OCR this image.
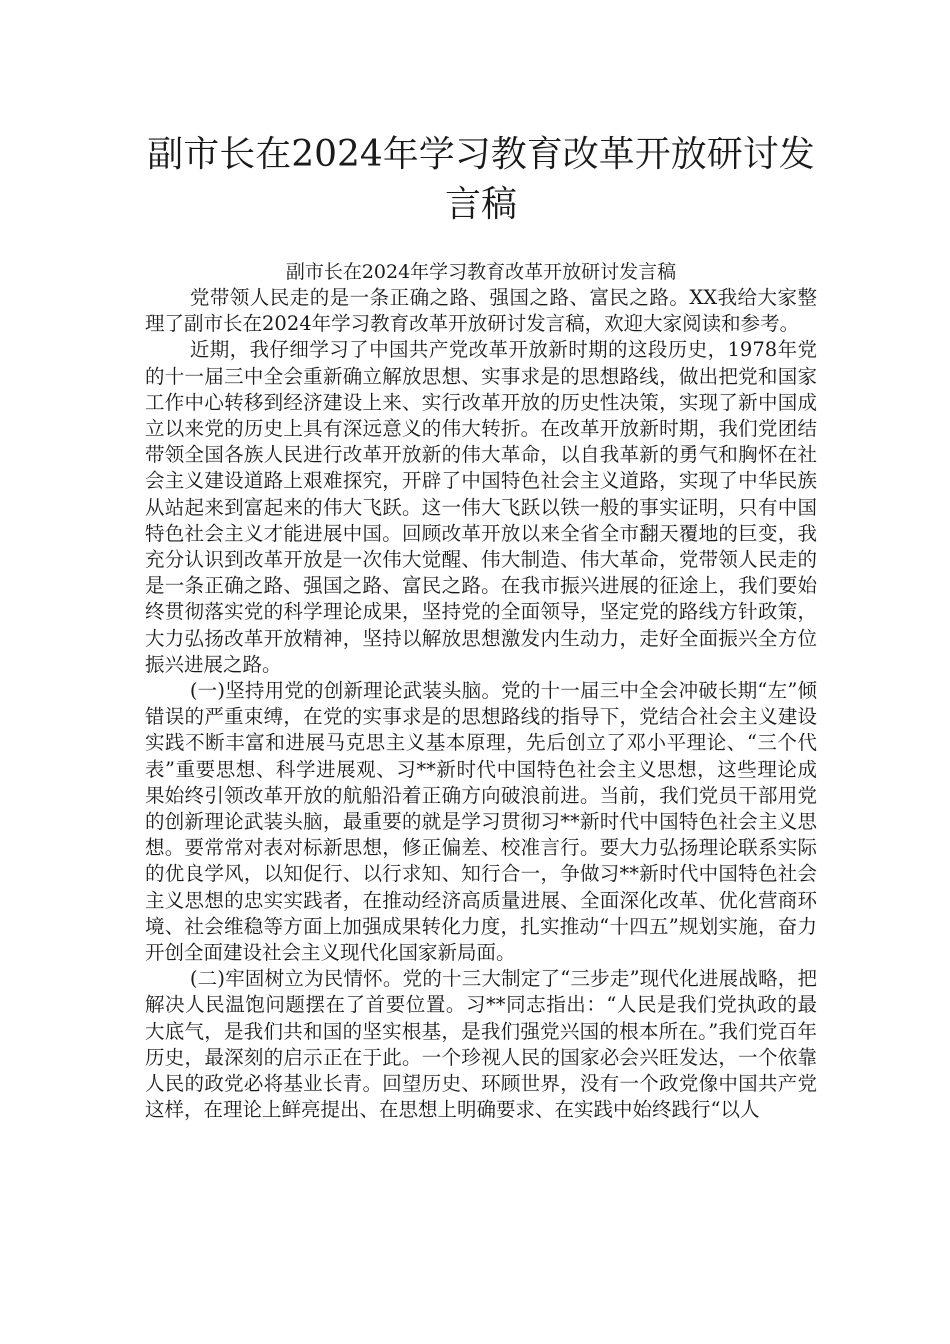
副市长在2024年学习教育改革开放研讨发言稿

副市长在2024年学习教育改革开放研讨发言稿

党带领人民走的是一条正确之路、强国之路、富民之路。XX我给大家整理了副市长在2024年学习教育改革开放研讨发言稿，欢迎大家阅读和参考。

近期，我仔细学习了中国共产党改革开放新时期的这段历史，1978年党的十一届三中全会重新确立解放思想、实事求是的思想路线，做出把党和国家工作中心转移到经济建设上来、实行改革开放的历史性决策，实现了新中国成立以来党的历史上具有深远意义的伟大转折。在改革开放新时期，我们党团结带领全国各族人民进行改革开放新的伟大革命，以自我革新的勇气和胸怀在社会主义建设道路上艰难探究，开辟了中国特色社会主义道路，实现了中华民族从站起来到富起来的伟大飞跃。这一伟大飞跃以铁一般的事实证明，只有中国特色社会主义才能进展中国。回顾改革开放以来全省全市翻天覆地的巨变，我充分认识到改革开放是一次伟大觉醒、伟大制造、伟大革命，党带领人民走的是一条正确之路、强国之路、富民之路。在我市振兴进展的征途上，我们要始终贯彻落实党的科学理论成果，坚持党的全面领导，坚定党的路线方针政策，大力弘扬改革开放精神，坚持以解放思想激发内生动力，走好全面振兴全方位振兴进展之路。

(一)坚持用党的创新理论武装头脑。党的十一届三中全会冲破长期“左”倾错误的严重束缚，在党的实事求是的思想路线的指导下，党结合社会主义建设实践不断丰富和进展马克思主义基本原理，先后创立了邓小平理论、“三个代表”重要思想、科学进展观、习**新时代中国特色社会主义思想，这些理论成果始终引领改革开放的航船沿着正确方向破浪前进。当前，我们党员干部用党的创新理论武装头脑，最重要的就是学习贯彻习**新时代中国特色社会主义思想。要常常对表对标新思想，修正偏差、校准言行。要大力弘扬理论联系实际的优良学风，以知促行、以行求知、知行合一，争做习**新时代中国特色社会主义思想的忠实实践者，在推动经济高质量进展、全面深化改革、优化营商环境、社会维稳等方面上加强成果转化力度，扎实推动“十四五”规划实施，奋力开创全面建设社会主义现代化国家新局面。

(二)牢固树立为民情怀。党的十三大制定了“三步走”现代化进展战略，把解决人民温饱问题摆在了首要位置。习**同志指出：“人民是我们党执政的最大底气，是我们共和国的坚实根基，是我们强党兴国的根本所在。”我们党百年历史，最深刻的启示正在于此。一个珍视人民的国家必会兴旺发达，一个依靠人民的政党必将基业长青。回望历史、环顾世界，没有一个政党像中国共产党这样，在理论上鲜亮提出、在思想上明确要求、在实践中始终践行“以人
